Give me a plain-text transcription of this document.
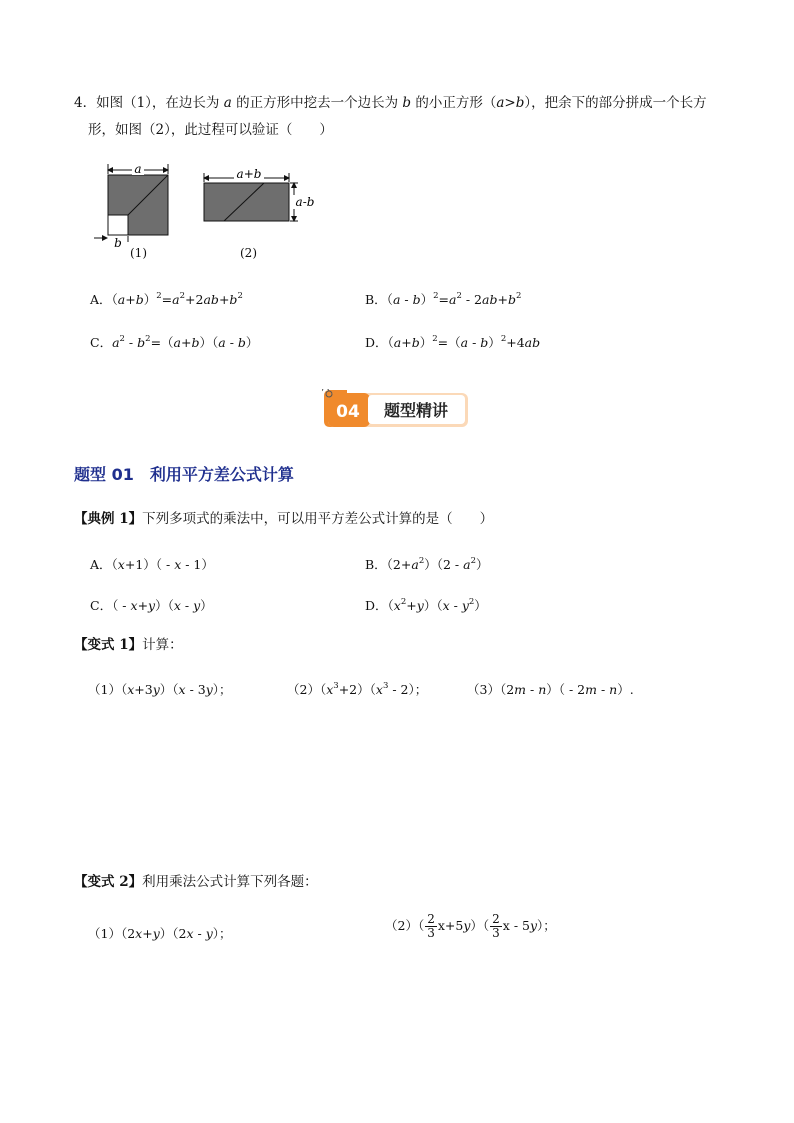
4．如图（1），在边长为 a 的正方形中挖去一个边长为 b 的小正方形（a>b），把余下的部分拼成一个长方
形，如图（2），此过程可以验证（　　）
a
b
(1)
a+b
a-b
(2)
A．$(a+b)^2=a^2+2ab+b^2$	B．$(a - b)^2=a^2 - 2ab+b^2$
C．$a^2 - b^2=(a+b)(a - b)$	D．$(a+b)^2=(a - b)^2+4ab$
04 题型精讲
题型 01　利用平方差公式计算
【典例 1】下列多项式的乘法中，可以用平方差公式计算的是（　　）
A．（x+1）（ - x - 1）	B．$(2+a^2)(2 - a^2)$
C．（ - x+y）（x - y）	D．$(x^2+y)(x - y^2)$
【变式 1】计算：
（1）（x+3y）（x - 3y）；	$(2)(x^3+2)(x^3 - 2)$；	（3）（2m - n）（ - 2m - n）.
【变式 2】利用乘法公式计算下列各题：
（1）（2x+y）（2x - y）；
$(2)( \frac{2}{3} x+5y)( \frac{2}{3}$ x - 5y）；
